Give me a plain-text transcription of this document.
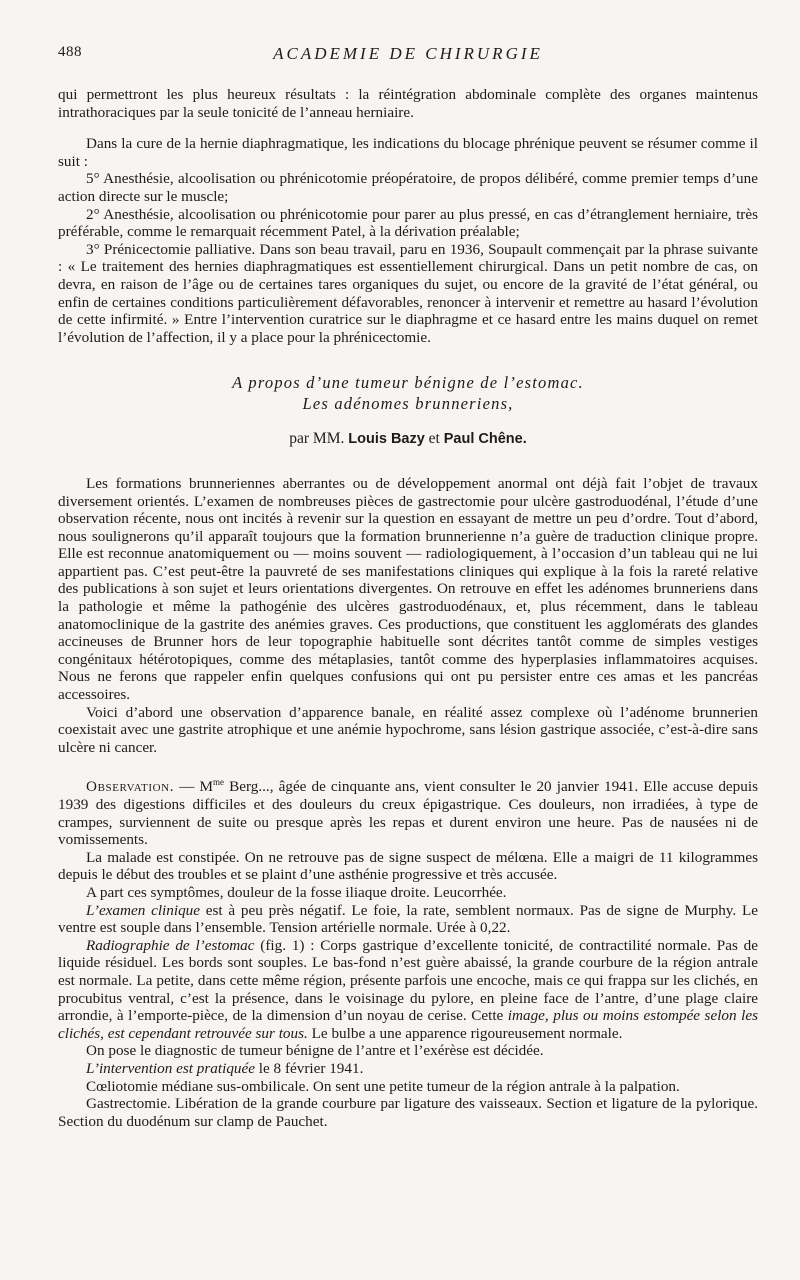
488	ACADEMIE DE CHIRURGIE

qui permettront les plus heureux résultats : la réintégration abdominale complète des organes maintenus intrathoraciques par la seule tonicité de l’anneau herniaire.

Dans la cure de la hernie diaphragmatique, les indications du blocage phrénique peuvent se résumer comme il suit :

5° Anesthésie, alcoolisation ou phrénicotomie préopératoire, de propos délibéré, comme premier temps d’une action directe sur le muscle;

2° Anesthésie, alcoolisation ou phrénicotomie pour parer au plus pressé, en cas d’étranglement herniaire, très préférable, comme le remarquait récemment Patel, à la dérivation préalable;

3° Prénicectomie palliative. Dans son beau travail, paru en 1936, Soupault commençait par la phrase suivante : « Le traitement des hernies diaphragmatiques est essentiellement chirurgical. Dans un petit nombre de cas, on devra, en raison de l’âge ou de certaines tares organiques du sujet, ou encore de la gravité de l’état général, ou enfin de certaines conditions particulièrement défavorables, renoncer à intervenir et remettre au hasard l’évolution de cette infirmité. » Entre l’intervention curatrice sur le diaphragme et ce hasard entre les mains duquel on remet l’évolution de l’affection, il y a place pour la phrénicectomie.

A propos d’une tumeur bénigne de l’estomac.
Les adénomes brunneriens,
par MM. Louis Bazy et Paul Chêne.

Les formations brunneriennes aberrantes ou de développement anormal ont déjà fait l’objet de travaux diversement orientés. L’examen de nombreuses pièces de gastrectomie pour ulcère gastroduodénal, l’étude d’une observation récente, nous ont incités à revenir sur la question en essayant de mettre un peu d’ordre. Tout d’abord, nous soulignerons qu’il apparaît toujours que la formation brunnerienne n’a guère de traduction clinique propre. Elle est reconnue anatomiquement ou — moins souvent — radiologiquement, à l’occasion d’un tableau qui ne lui appartient pas. C’est peut-être la pauvreté de ses manifestations cliniques qui explique à la fois la rareté relative des publications à son sujet et leurs orientations divergentes. On retrouve en effet les adénomes brunneriens dans la pathologie et même la pathogénie des ulcères gastroduodénaux, et, plus récemment, dans le tableau anatomoclinique de la gastrite des anémies graves. Ces productions, que constituent les agglomérats des glandes accineuses de Brunner hors de leur topographie habituelle sont décrites tantôt comme de simples vestiges congénitaux hétérotopiques, comme des métaplasies, tantôt comme des hyperplasies inflammatoires acquises. Nous ne ferons que rappeler enfin quelques confusions qui ont pu persister entre ces amas et les pancréas accessoires.

Voici d’abord une observation d’apparence banale, en réalité assez complexe où l’adénome brunnerien coexistait avec une gastrite atrophique et une anémie hypochrome, sans lésion gastrique associée, c’est-à-dire sans ulcère ni cancer.

Observation. — $M^{me}$ Berg..., âgée de cinquante ans, vient consulter le 20 janvier 1941. Elle accuse depuis 1939 des digestions difficiles et des douleurs du creux épigastrique. Ces douleurs, non irradiées, à type de crampes, surviennent de suite ou presque après les repas et durent environ une heure. Pas de nausées ni de vomissements.

La malade est constipée. On ne retrouve pas de signe suspect de mélœna. Elle a maigri de 11 kilogrammes depuis le début des troubles et se plaint d’une asthénie progressive et très accusée.

A part ces symptômes, douleur de la fosse iliaque droite. Leucorrhée.

L’examen clinique est à peu près négatif. Le foie, la rate, semblent normaux. Pas de signe de Murphy. Le ventre est souple dans l’ensemble. Tension artérielle normale. Urée à 0,22.

Radiographie de l’estomac (fig. 1) : Corps gastrique d’excellente tonicité, de contractilité normale. Pas de liquide résiduel. Les bords sont souples. Le bas-fond n’est guère abaissé, la grande courbure de la région antrale est normale. La petite, dans cette même région, présente parfois une encoche, mais ce qui frappa sur les clichés, en procubitus ventral, c’est la présence, dans le voisinage du pylore, en pleine face de l’antre, d’une plage claire arrondie, à l’emporte-pièce, de la dimension d’un noyau de cerise. Cette image, plus ou moins estompée selon les clichés, est cependant retrouvée sur tous. Le bulbe a une apparence rigoureusement normale.

On pose le diagnostic de tumeur bénigne de l’antre et l’exérèse est décidée.

L’intervention est pratiquée le 8 février 1941.

Cœliotomie médiane sus-ombilicale. On sent une petite tumeur de la région antrale à la palpation.

Gastrectomie. Libération de la grande courbure par ligature des vaisseaux. Section et ligature de la pylorique. Section du duodénum sur clamp de Pauchet.
